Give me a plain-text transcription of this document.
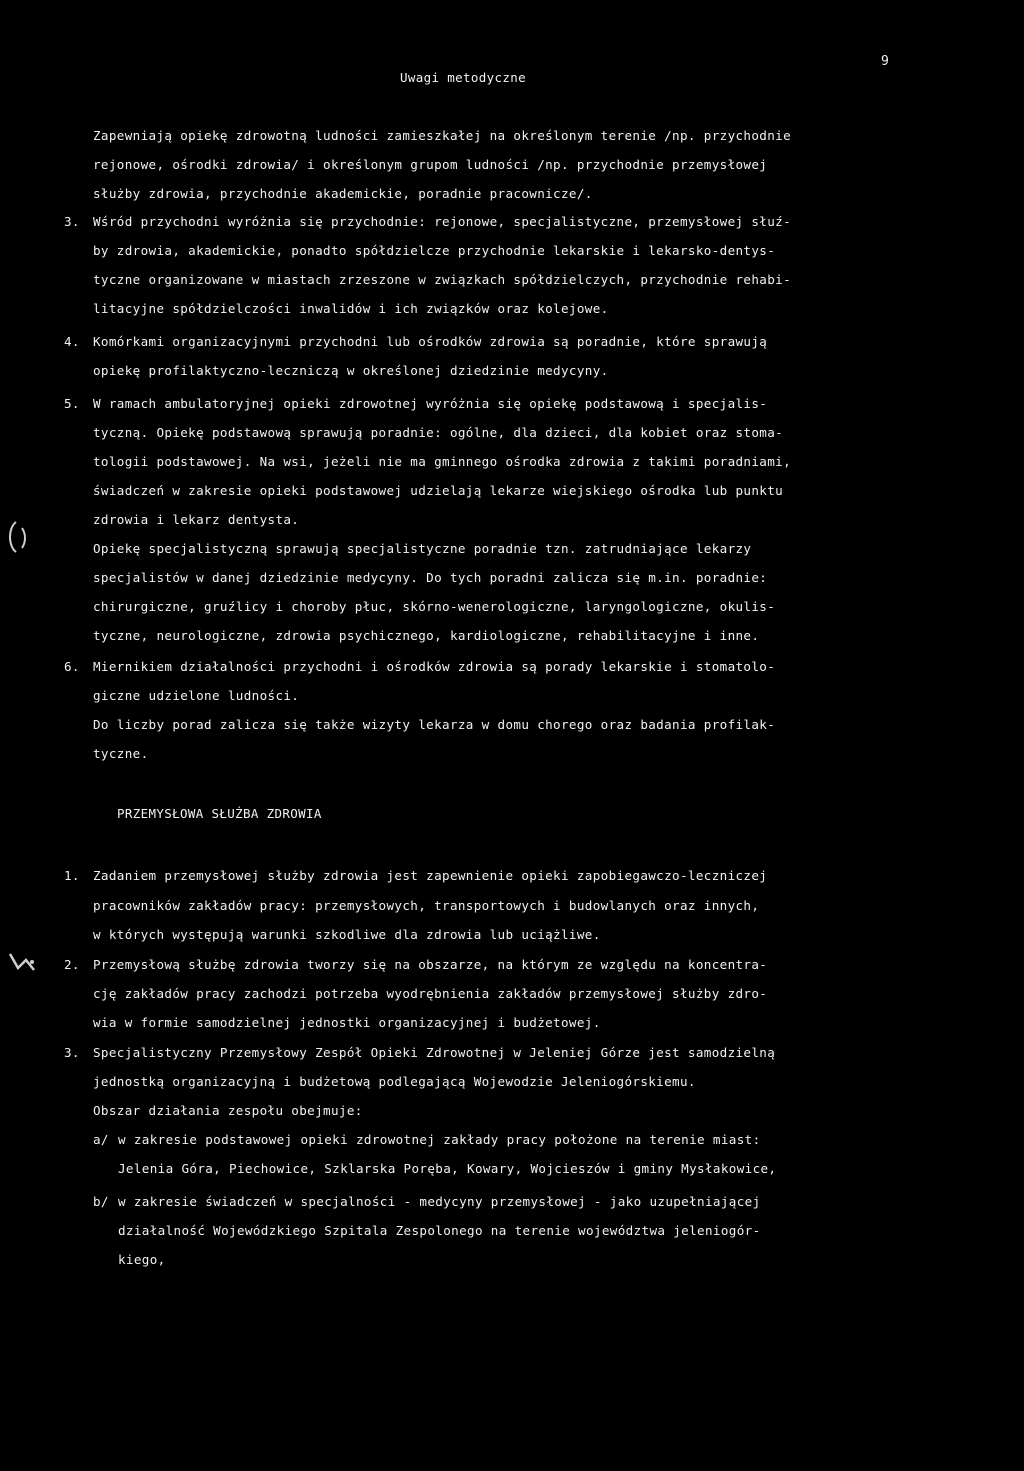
9
Uwagi metodyczne
Zapewniają opiekę zdrowotną ludności zamieszkałej na określonym terenie /np. przychodnie
rejonowe, ośrodki zdrowia/ i określonym grupom ludności /np. przychodnie przemysłowej
służby zdrowia, przychodnie akademickie, poradnie pracownicze/.
3. Wśród przychodni wyróżnia się przychodnie: rejonowe, specjalistyczne, przemysłowej słuź-
by zdrowia, akademickie, ponadto spółdzielcze przychodnie lekarskie i lekarsko-dentys-
tyczne organizowane w miastach zrzeszone w związkach spółdzielczych, przychodnie rehabi-
litacyjne spółdzielczości inwalidów i ich związków oraz kolejowe.
4. Komórkami organizacyjnymi przychodni lub ośrodków zdrowia są poradnie, które sprawują
opiekę profilaktyczno-leczniczą w określonej dziedzinie medycyny.
5. W ramach ambulatoryjnej opieki zdrowotnej wyróżnia się opiekę podstawową i specjalis-
tyczną. Opiekę podstawową sprawują poradnie: ogólne, dla dzieci, dla kobiet oraz stoma-
tologii podstawowej. Na wsi, jeżeli nie ma gminnego ośrodka zdrowia z takimi poradniami,
świadczeń w zakresie opieki podstawowej udzielają lekarze wiejskiego ośrodka lub punktu
zdrowia i lekarz dentysta.
Opiekę specjalistyczną sprawują specjalistyczne poradnie tzn. zatrudniające lekarzy
specjalistów w danej dziedzinie medycyny. Do tych poradni zalicza się m.in. poradnie:
chirurgiczne, gruźlicy i choroby płuc, skórno-wenerologiczne, laryngologiczne, okulis-
tyczne, neurologiczne, zdrowia psychicznego, kardiologiczne, rehabilitacyjne i inne.
6. Miernikiem działalności przychodni i ośrodków zdrowia są porady lekarskie i stomatolo-
giczne udzielone ludności.
Do liczby porad zalicza się także wizyty lekarza w domu chorego oraz badania profilak-
tyczne.
PRZEMYSŁOWA SŁUŻBA ZDROWIA
1. Zadaniem przemysłowej służby zdrowia jest zapewnienie opieki zapobiegawczo-leczniczej
pracowników zakładów pracy: przemysłowych, transportowych i budowlanych oraz innych,
w których występują warunki szkodliwe dla zdrowia lub uciążliwe.
2. Przemysłową służbę zdrowia tworzy się na obszarze, na którym ze względu na koncentra-
cję zakładów pracy zachodzi potrzeba wyodrębnienia zakładów przemysłowej służby zdro-
wia w formie samodzielnej jednostki organizacyjnej i budżetowej.
3. Specjalistyczny Przemysłowy Zespół Opieki Zdrowotnej w Jeleniej Górze jest samodzielną
jednostką organizacyjną i budżetową podlegającą Wojewodzie Jeleniogórskiemu.
Obszar działania zespołu obejmuje:
a/ w zakresie podstawowej opieki zdrowotnej zakłady pracy położone na terenie miast:
Jelenia Góra, Piechowice, Szklarska Poręba, Kowary, Wojcieszów i gminy Mysłakowice,
b/ w zakresie świadczeń w specjalności - medycyny przemysłowej - jako uzupełniającej
działalność Wojewódzkiego Szpitala Zespolonego na terenie województwa jeleniogór-
kiego,
